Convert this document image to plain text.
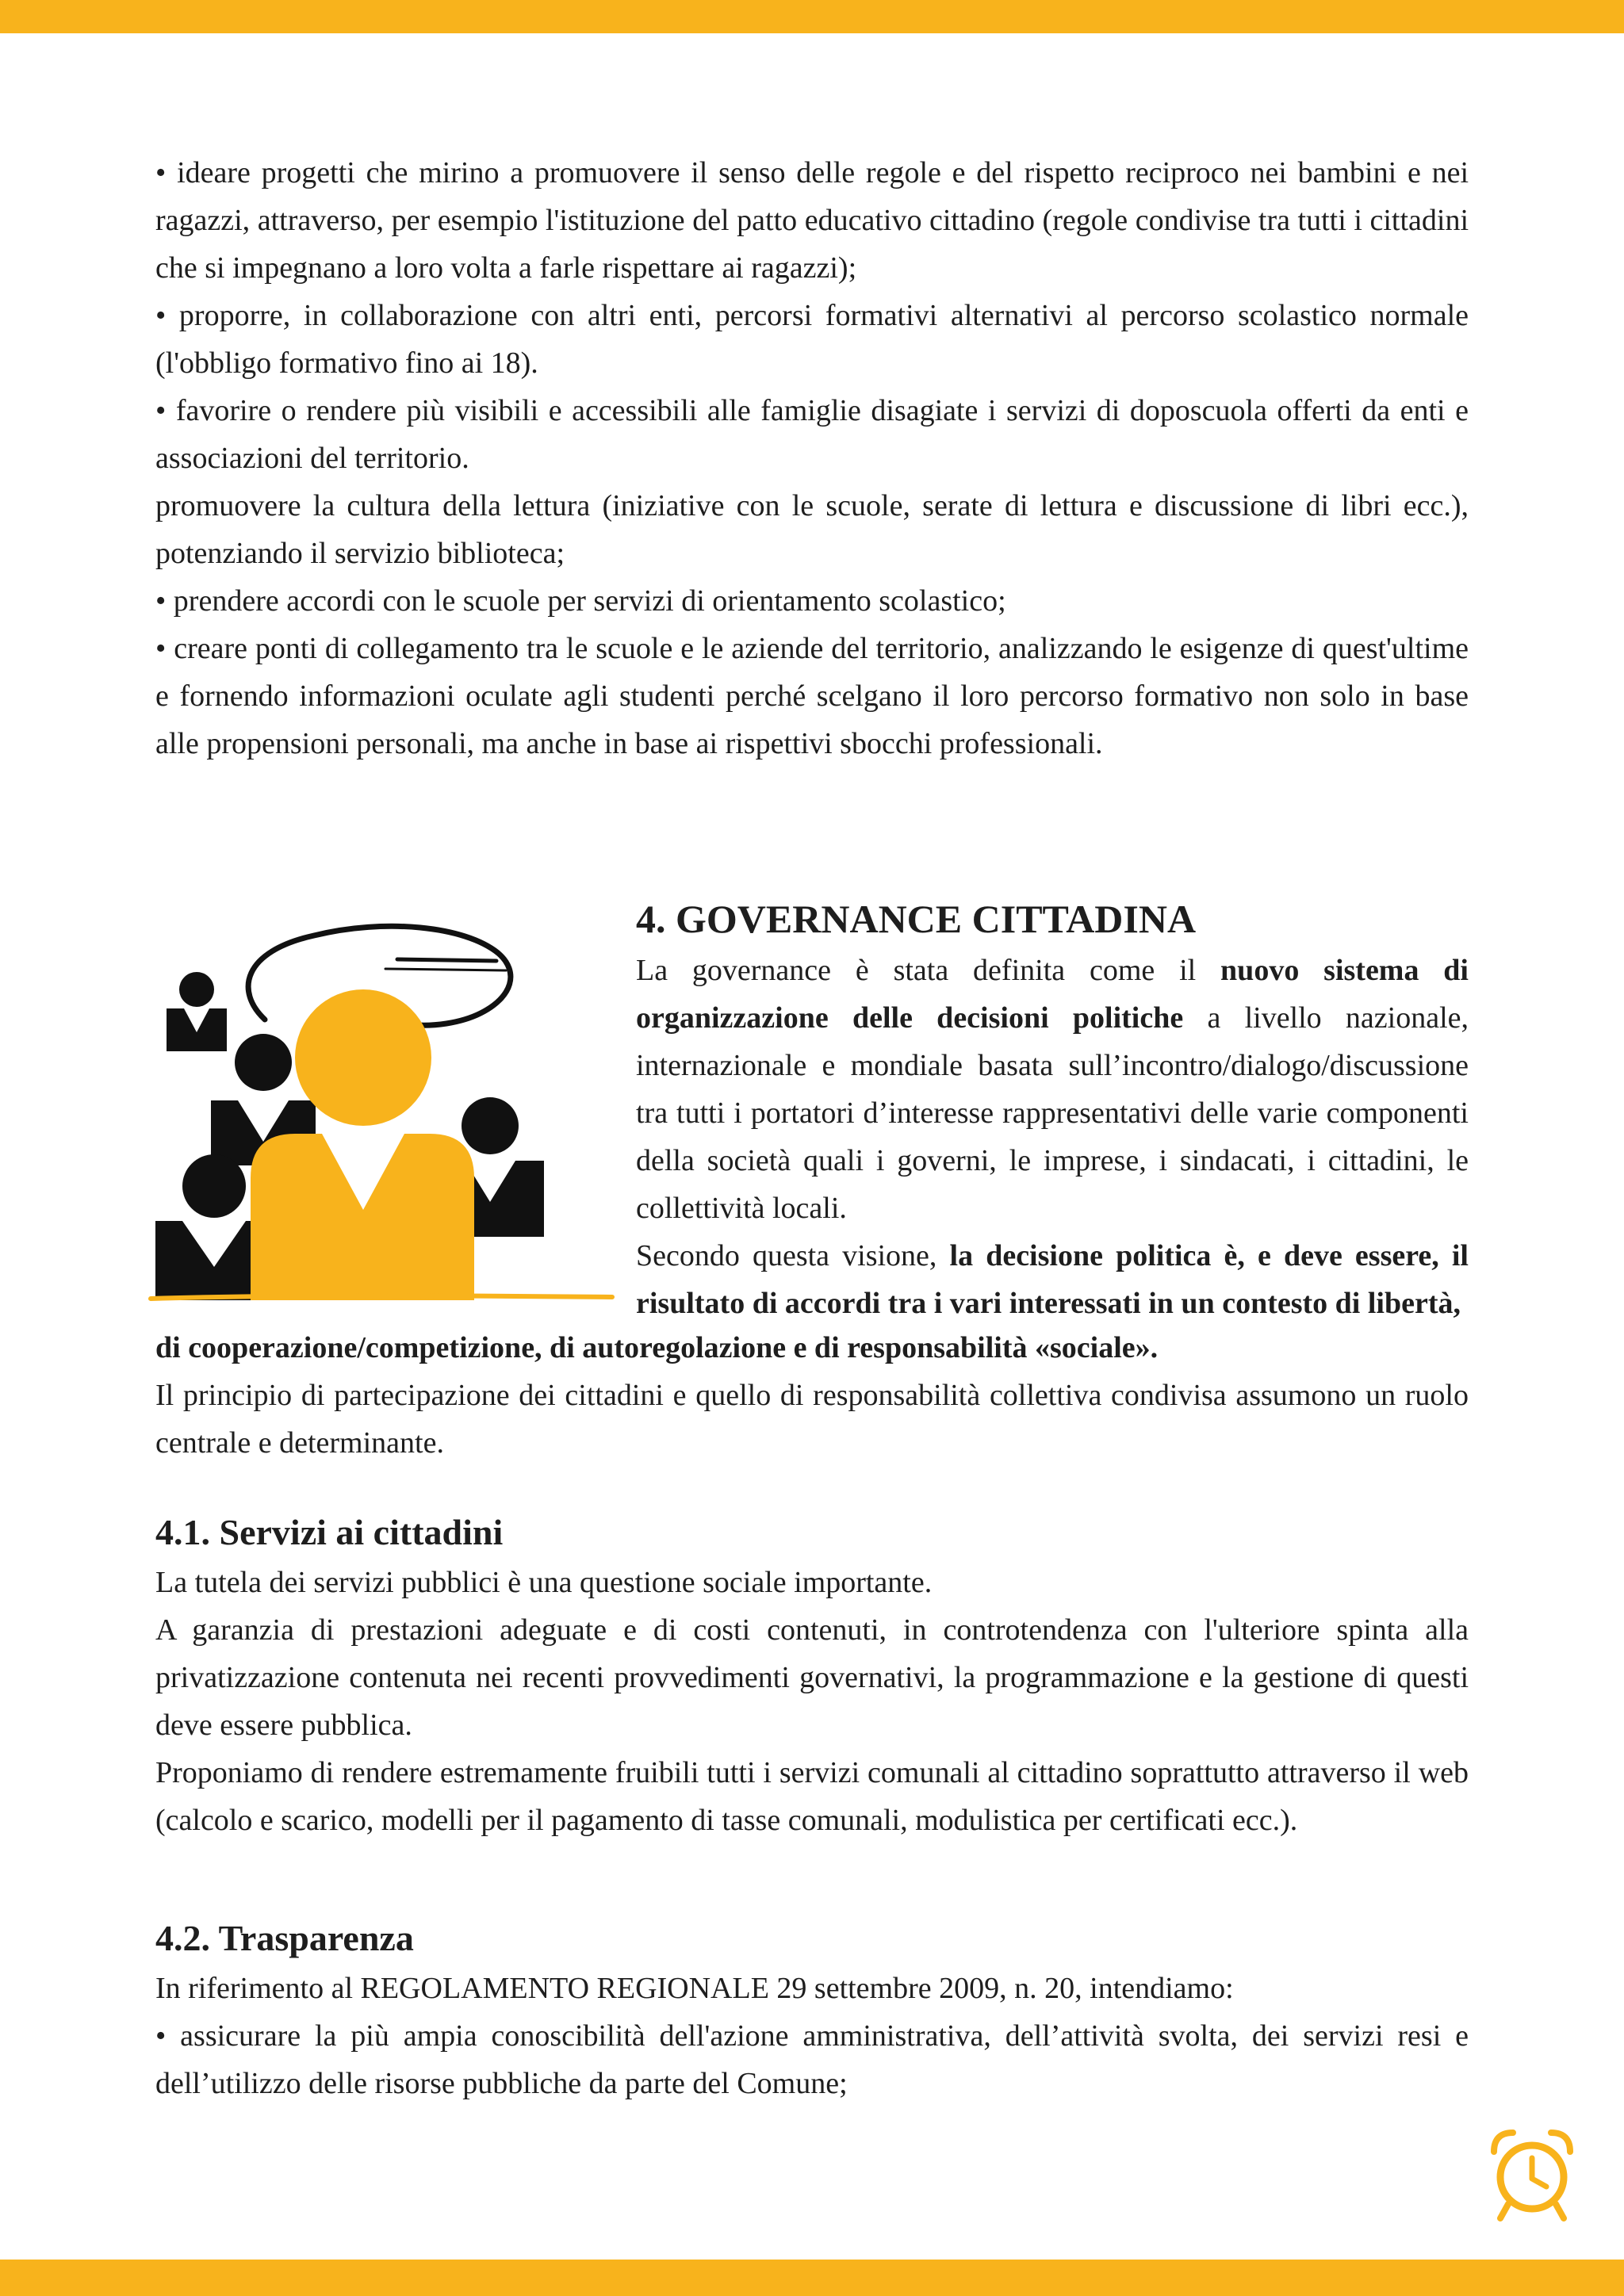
• ideare progetti che mirino a promuovere il senso delle regole e del rispetto reciproco nei bambini e nei ragazzi, attraverso, per esempio l'istituzione del patto educativo cittadino (regole condivise tra tutti i cittadini che si impegnano a loro volta a farle rispettare ai ragazzi);

• proporre, in collaborazione con altri enti, percorsi formativi alternativi al percorso scolastico normale (l'obbligo formativo fino ai 18).

• favorire o rendere più visibili e accessibili alle famiglie disagiate i servizi di doposcuola offerti da enti e associazioni del territorio.

promuovere la cultura della lettura (iniziative con le scuole, serate di lettura e discussione di libri ecc.), potenziando il servizio biblioteca;

• prendere accordi con le scuole per servizi di orientamento scolastico;

• creare ponti di collegamento tra le scuole e le aziende del territorio, analizzando le esigenze di quest'ultime e fornendo informazioni oculate agli studenti perché scelgano il loro percorso formativo non solo in base alle propensioni personali, ma anche in base ai rispettivi sbocchi professionali.

4. GOVERNANCE CITTADINA

La governance è stata definita come il nuovo sistema di organizzazione delle decisioni politiche a livello nazionale, internazionale e mondiale basata sull’incontro/dialogo/discussione tra tutti i portatori d’interesse rappresentativi delle varie componenti della società quali i governi, le imprese, i sindacati, i cittadini, le collettività locali.

Secondo questa visione, la decisione politica è, e deve essere, il risultato di accordi tra i vari interessati in un contesto di libertà,

di cooperazione/competizione, di autoregolazione e di responsabilità «sociale».

Il principio di partecipazione dei cittadini e quello di responsabilità collettiva condivisa assumono un ruolo centrale e determinante.

4.1. Servizi ai cittadini

La tutela dei servizi pubblici è una questione sociale importante.

A garanzia di prestazioni adeguate e di costi contenuti, in controtendenza con l'ulteriore spinta alla privatizzazione contenuta nei recenti provvedimenti governativi, la programmazione e la gestione di questi deve essere pubblica.

Proponiamo di rendere estremamente fruibili tutti i servizi comunali al cittadino soprattutto attraverso il web (calcolo e scarico, modelli per il pagamento di tasse comunali, modulistica per certificati ecc.).

4.2. Trasparenza

In riferimento al REGOLAMENTO REGIONALE 29 settembre 2009, n. 20, intendiamo:

• assicurare la più ampia conoscibilità dell'azione amministrativa, dell’attività svolta, dei servizi resi e dell’utilizzo delle risorse pubbliche da parte del Comune;
